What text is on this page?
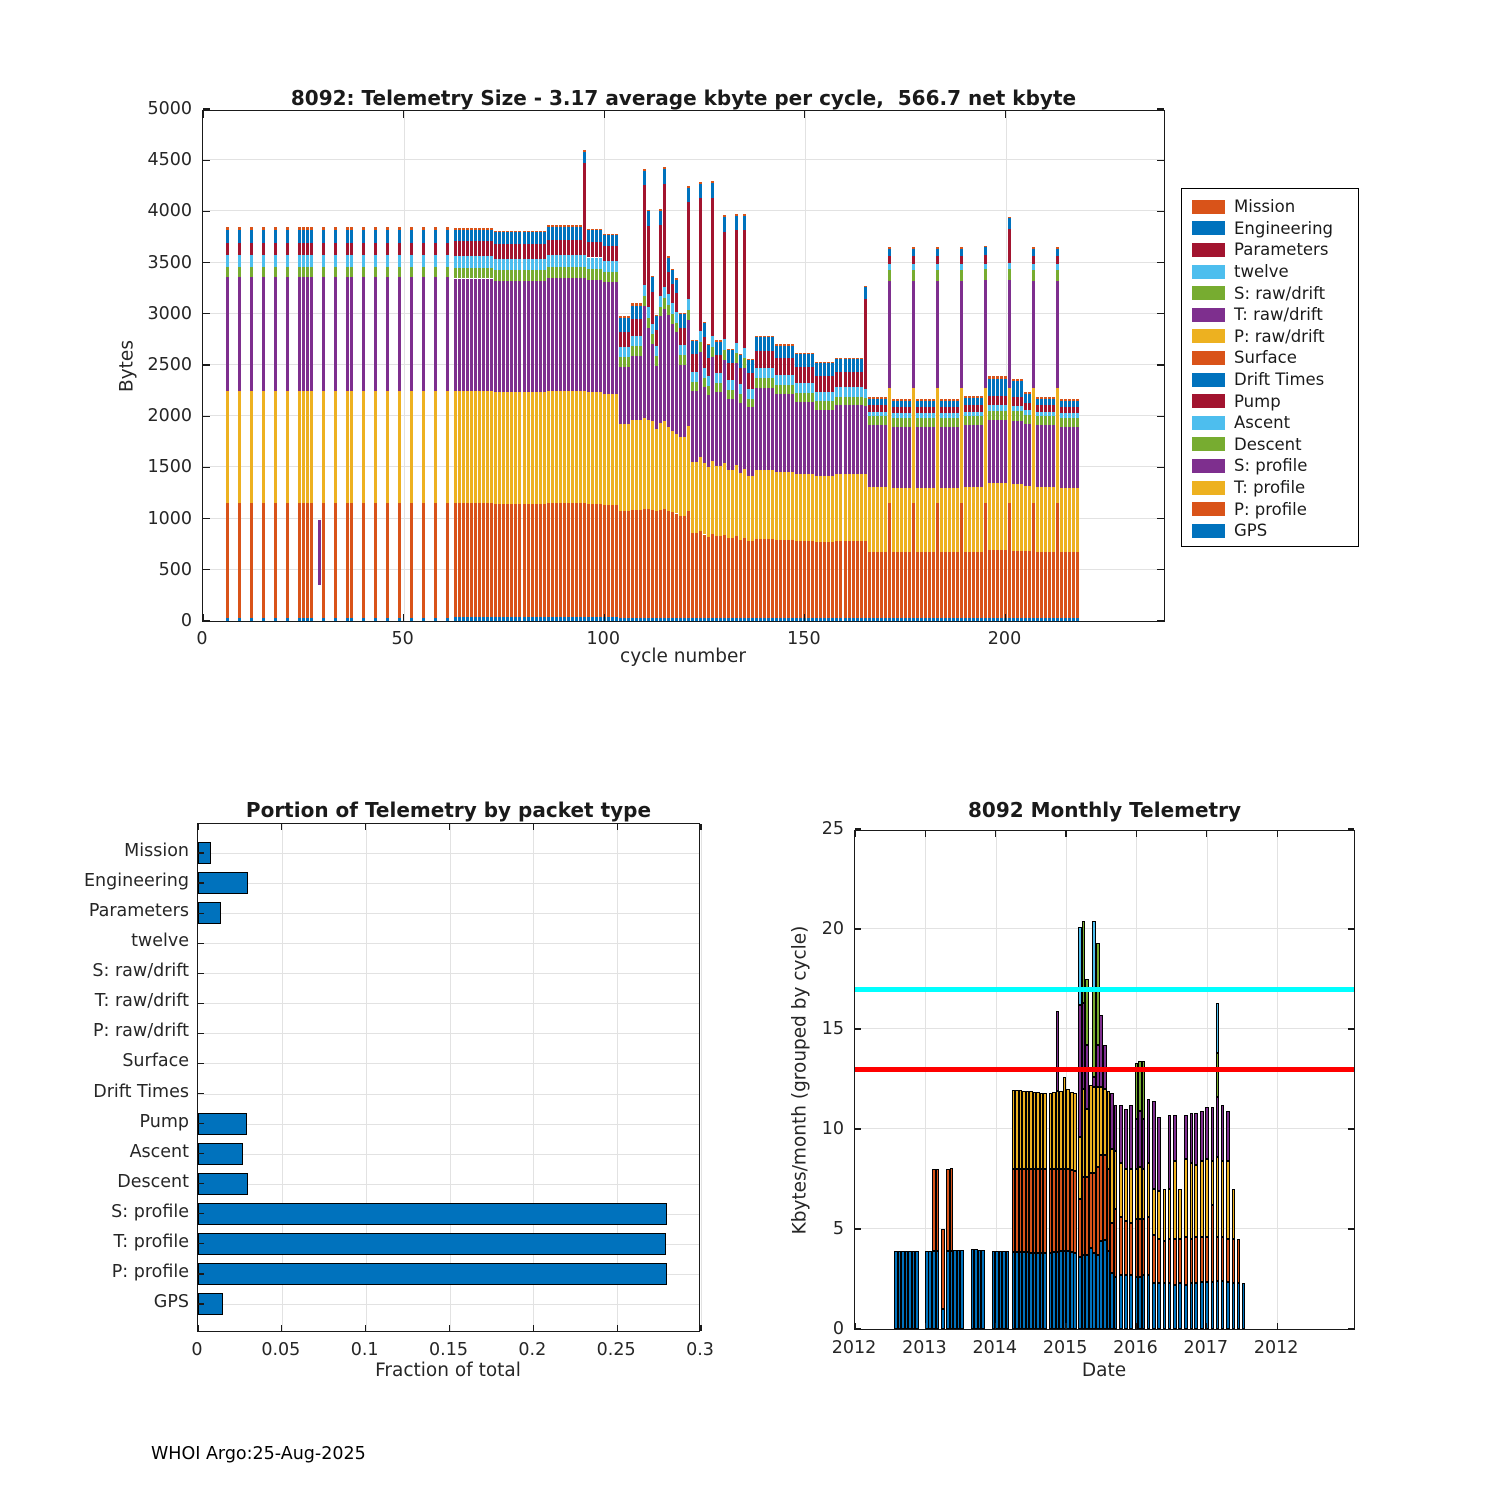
8092: Telemetry Size - 3.17 average kbyte per cycle,  566.7 net kbyte
Bytes
cycle number
Mission
Engineering
Parameters
twelve
S: raw/drift
T: raw/drift
P: raw/drift
Surface
Drift Times
Pump
Ascent
Descent
S: profile
T: profile
P: profile
GPS
Portion of Telemetry by packet type
Fraction of total
8092 Monthly Telemetry
Kbytes/month (grouped by cycle)
Date
WHOI Argo:25-Aug-2025
0
500
1000
1500
2000
2500
3000
3500
4000
4500
5000
0	50	100	150	200
0	0.05	0.1	0.15	0.2	0.25	0.3
Mission
Engineering
Parameters
twelve
S: raw/drift
T: raw/drift
P: raw/drift
Surface
Drift Times
Pump
Ascent
Descent
S: profile
T: profile
P: profile
GPS
0
5
10
15
20
25
2012	2013	2014	2015	2016	2017	2012
